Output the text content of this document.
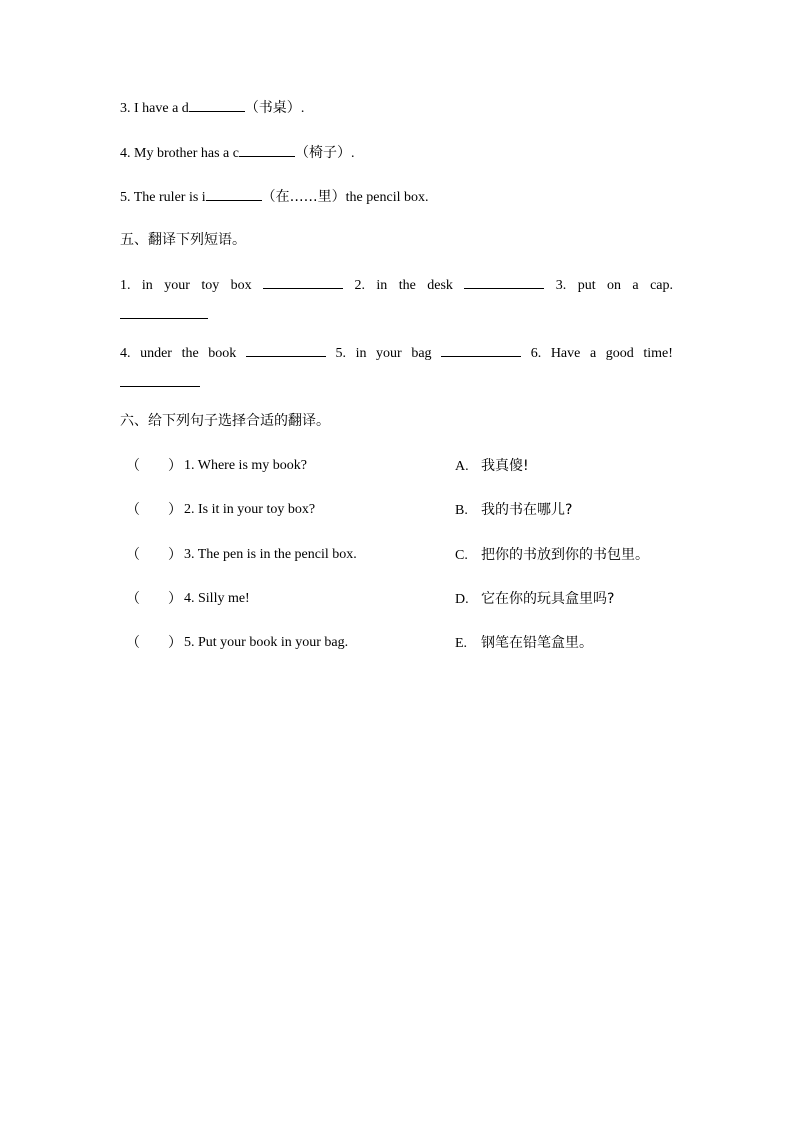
3. I have a d	（书桌）.
4. My brother has a c	（椅子）.
5. The ruler is i	（在……里）the pencil box.
五、翻译下列短语。
1. in your toy box	2. in the desk	3. put on a cap.
4. under the book	5. in your bag	6. Have a good time!
六、给下列句子选择合适的翻译。
（ ） 1. Where is my book?	A. 我真傻!
（ ） 2. Is it in your toy box?	B. 我的书在哪儿?
（ ） 3. The pen is in the pencil box.	C. 把你的书放到你的书包里。
（ ） 4. Silly me!	D. 它在你的玩具盒里吗?
（ ） 5. Put your book in your bag.	E. 钢笔在铅笔盒里。
